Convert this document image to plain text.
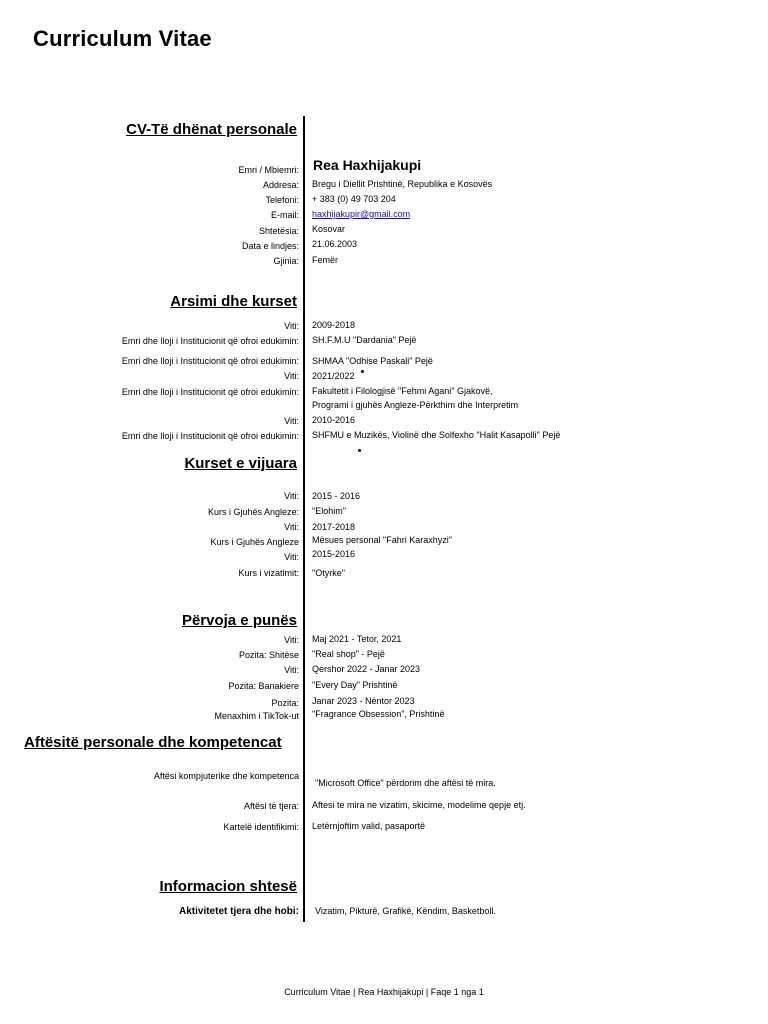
Curriculum Vitae
CV-Të dhënat personale
Emri / Mbiemri: Rea Haxhijakupi
Addresa: Bregu i Diellit Prishtinë, Republika e Kosovës
Telefoni: + 383 (0) 49 703 204
E-mail: haxhijakupir@gmail.com
Shtetësia: Kosovar
Data e lindjes: 21.06.2003
Gjinia: Femër
Arsimi dhe kurset
Viti: 2009-2018
Emri dhe lloji i Institucionit që ofroi edukimin: SH.F.M.U "Dardania" Pejë
Emri dhe lloji i Institucionit që ofroi edukimin: SHMAA "Odhise Paskali" Pejë
Viti: 2021/2022
Emri dhe lloji i Institucionit që ofroi edukimin: Fakultetit i Filologjisë "Fehmi Agani" Gjakovë,
Programi i gjuhës Angleze-Përkthim dhe Interpretim
Viti: 2010-2016
Emri dhe lloji i Institucionit që ofroi edukimin: SHFMU e Muzikës, Violinë dhe Solfexho "Halit Kasapolli" Pejë
Kurset e vijuara
Viti: 2015 - 2016
Kurs i Gjuhës Angleze: "Elohim"
Viti: 2017-2018
Kurs i Gjuhës Angleze Mësues personal "Fahri Karaxhyzi"
Viti: 2015-2016
Kurs i vizatimit: "Otyrke"
Përvoja e punës
Viti: Maj 2021 - Tetor, 2021
Pozita: Shitëse "Real shop" - Pejë
Viti: Qershor 2022 - Janar 2023
Pozita: Banakiere "Every Day" Prishtinë
Pozita: Janar 2023 - Nëntor 2023
Menaxhim i TikTok-ut "Fragrance Obsession", Prishtinë
Aftësitë personale dhe kompetencat
Aftësi kompjuterike dhe kompetenca
"Microsoft Office" përdorim dhe aftësi të mira.
Aftësi të tjera: Aftesi te mira ne vizatim, skicime, modelime qepje etj.
Kartelë identifikimi: Letërnjoftim valid, pasaportë
Informacion shtesë
Aktivitetet tjera dhe hobi: Vizatim, Pikturë, Grafikë, Këndim, Basketboll.
Curriculum Vitae | Rea Haxhijakupi | Faqe 1 nga 1
